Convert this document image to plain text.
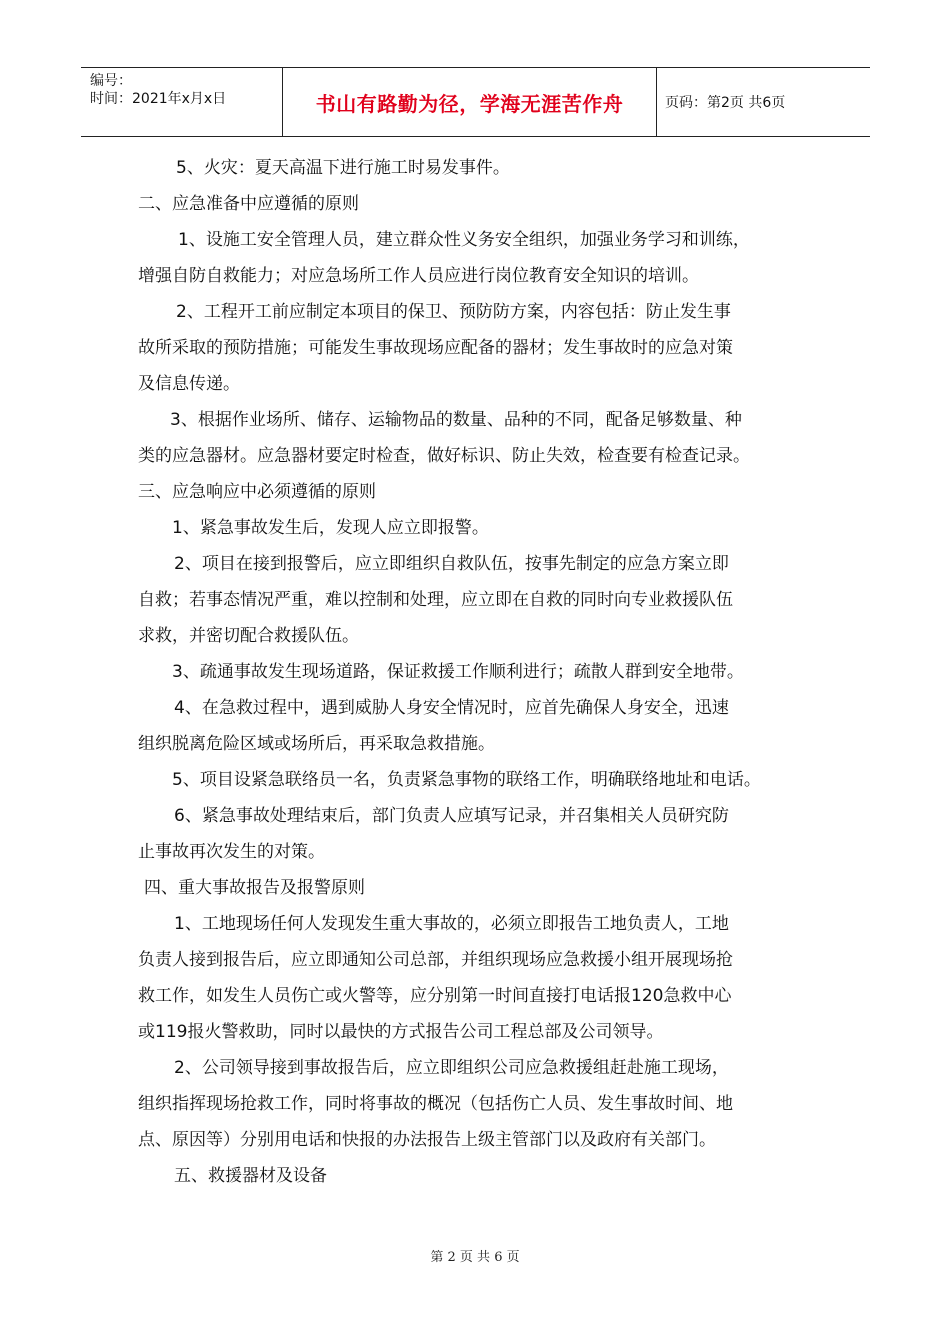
编号：
时间：2021年x月x日	书山有路勤为径，学海无涯苦作舟	页码：第2页 共6页

5、火灾：夏天高温下进行施工时易发事件。

二、应急准备中应遵循的原则

1、设施工安全管理人员，建立群众性义务安全组织，加强业务学习和训练，

增强自防自救能力；对应急场所工作人员应进行岗位教育安全知识的培训。

2、工程开工前应制定本项目的保卫、预防防方案，内容包括：防止发生事

故所采取的预防措施；可能发生事故现场应配备的器材；发生事故时的应急对策

及信息传递。

3、根据作业场所、储存、运输物品的数量、品种的不同，配备足够数量、种

类的应急器材。应急器材要定时检查，做好标识、防止失效，检查要有检查记录。

三、应急响应中必须遵循的原则

1、紧急事故发生后，发现人应立即报警。

2、项目在接到报警后，应立即组织自救队伍，按事先制定的应急方案立即

自救；若事态情况严重，难以控制和处理，应立即在自救的同时向专业救援队伍

求救，并密切配合救援队伍。

3、疏通事故发生现场道路，保证救援工作顺利进行；疏散人群到安全地带。

4、在急救过程中，遇到威胁人身安全情况时，应首先确保人身安全，迅速

组织脱离危险区域或场所后，再采取急救措施。

5、项目设紧急联络员一名，负责紧急事物的联络工作，明确联络地址和电话。

6、紧急事故处理结束后，部门负责人应填写记录，并召集相关人员研究防

止事故再次发生的对策。

四、重大事故报告及报警原则

1、工地现场任何人发现发生重大事故的，必须立即报告工地负责人，工地

负责人接到报告后，应立即通知公司总部，并组织现场应急救援小组开展现场抢

救工作，如发生人员伤亡或火警等，应分别第一时间直接打电话报120急救中心

或119报火警救助，同时以最快的方式报告公司工程总部及公司领导。

2、公司领导接到事故报告后，应立即组织公司应急救援组赶赴施工现场，

组织指挥现场抢救工作，同时将事故的概况（包括伤亡人员、发生事故时间、地

点、原因等）分别用电话和快报的办法报告上级主管部门以及政府有关部门。

五、救援器材及设备

第 2 页 共 6 页
